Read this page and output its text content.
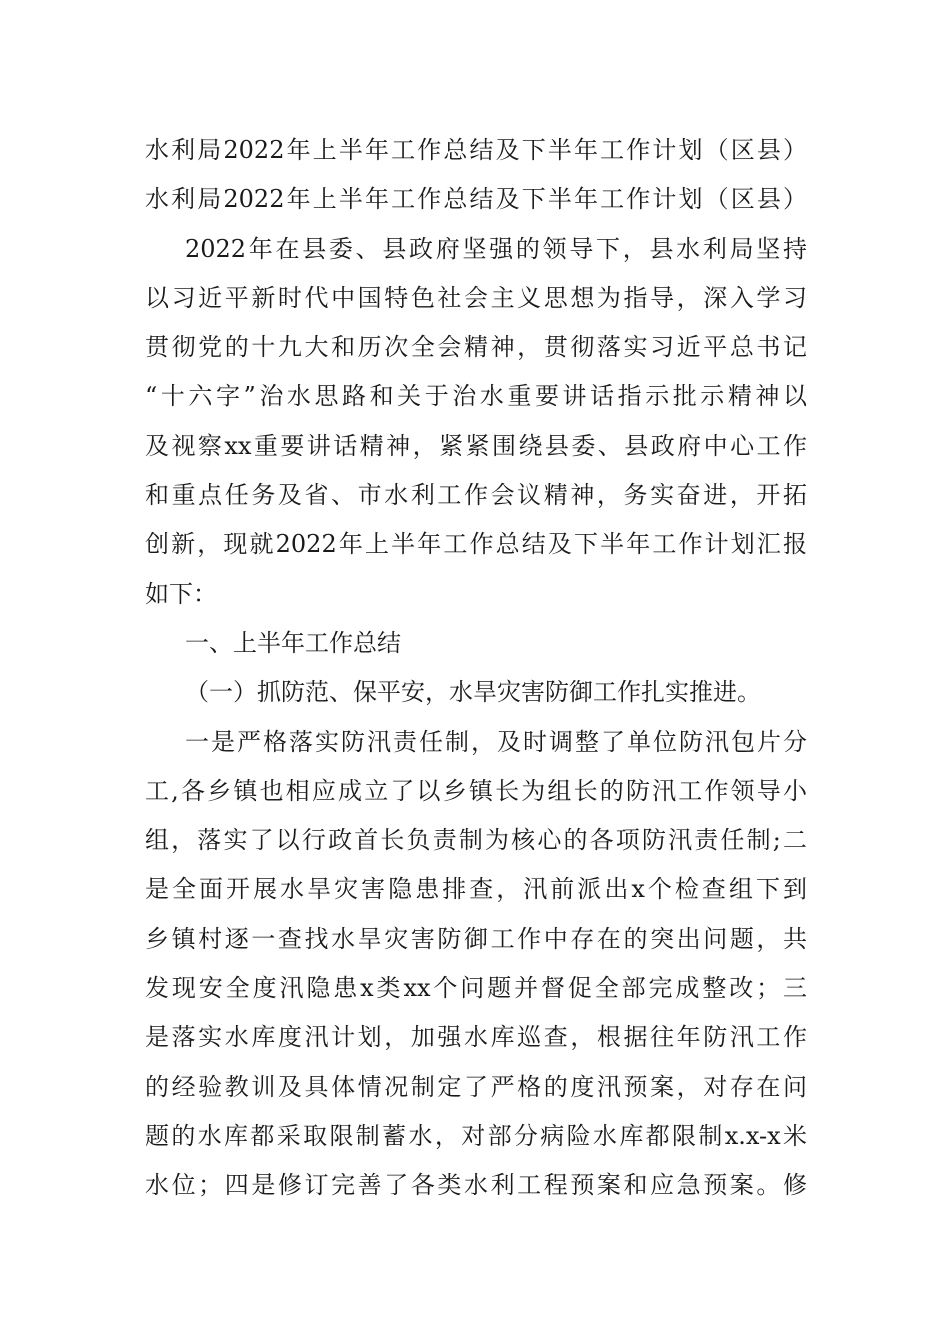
水利局2022年上半年工作总结及下半年工作计划（区县）
水利局2022年上半年工作总结及下半年工作计划（区县）
2022年在县委、县政府坚强的领导下，县水利局坚持
以习近平新时代中国特色社会主义思想为指导，深入学习
贯彻党的十九大和历次全会精神，贯彻落实习近平总书记
“十六字”治水思路和关于治水重要讲话指示批示精神以
及视察xx重要讲话精神，紧紧围绕县委、县政府中心工作
和重点任务及省、市水利工作会议精神，务实奋进，开拓
创新，现就2022年上半年工作总结及下半年工作计划汇报
如下：
一、上半年工作总结
（一）抓防范、保平安，水旱灾害防御工作扎实推进。
一是严格落实防汛责任制，及时调整了单位防汛包片分
工,各乡镇也相应成立了以乡镇长为组长的防汛工作领导小
组，落实了以行政首长负责制为核心的各项防汛责任制;二
是全面开展水旱灾害隐患排查，汛前派出x个检查组下到
乡镇村逐一查找水旱灾害防御工作中存在的突出问题，共
发现安全度汛隐患x类xx个问题并督促全部完成整改；三
是落实水库度汛计划，加强水库巡查，根据往年防汛工作
的经验教训及具体情况制定了严格的度汛预案，对存在问
题的水库都采取限制蓄水，对部分病险水库都限制x.x-x米
水位；四是修订完善了各类水利工程预案和应急预案。修
